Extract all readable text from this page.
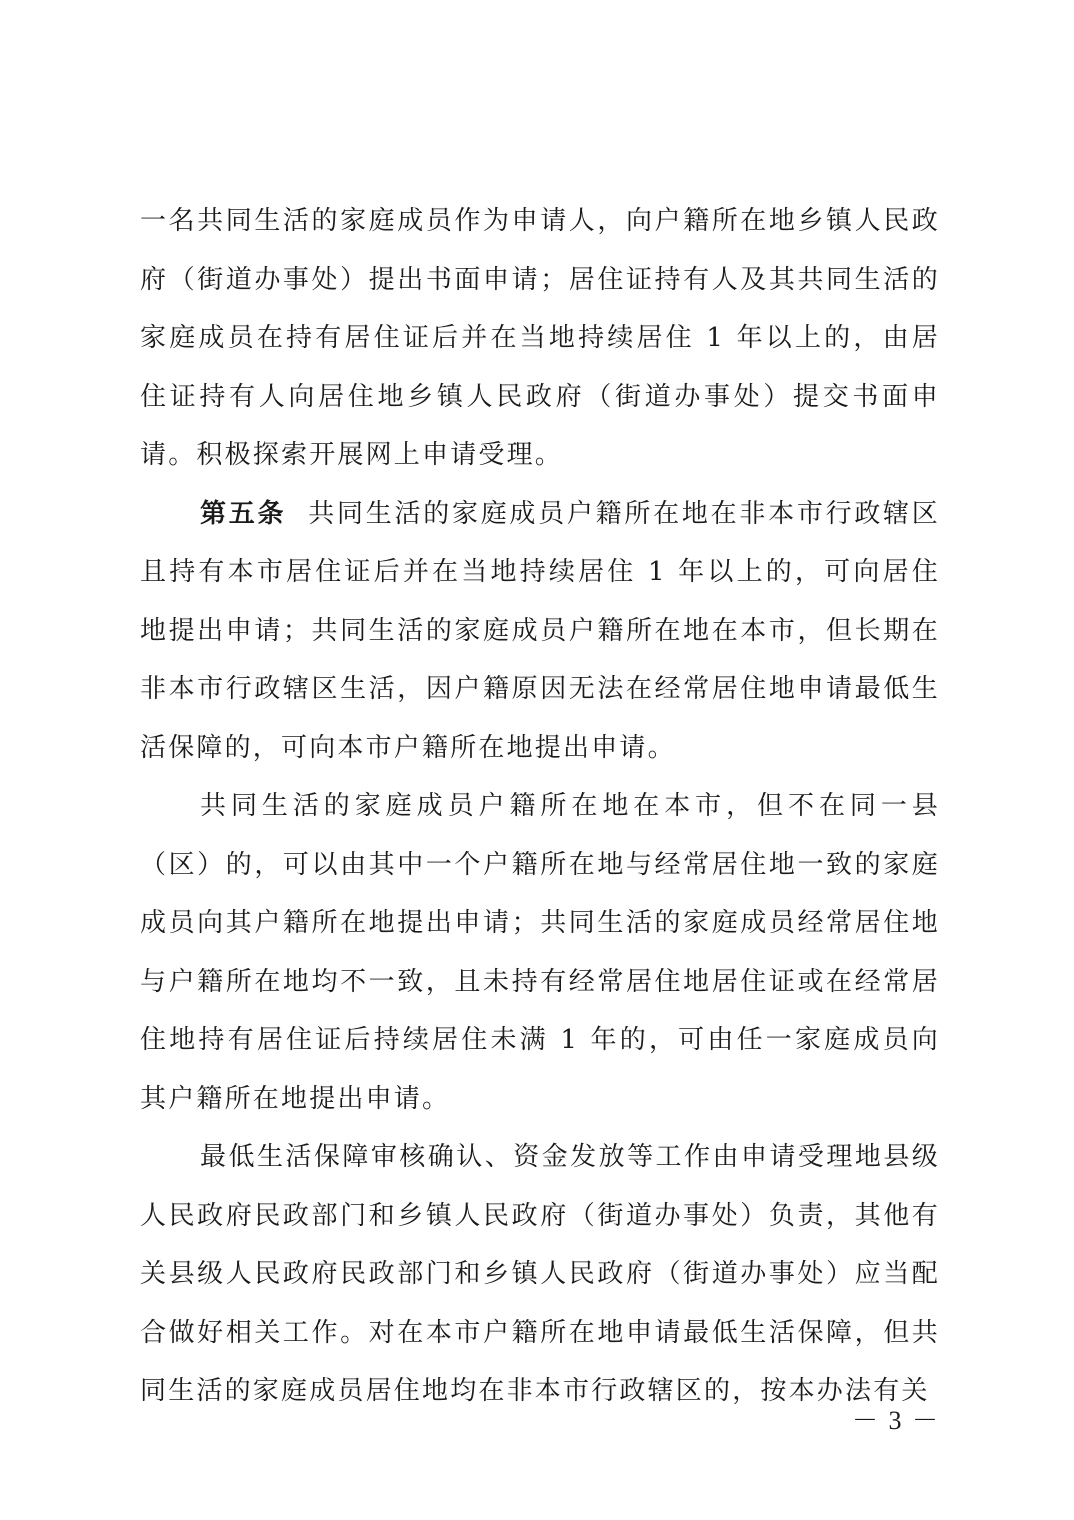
一名共同生活的家庭成员作为申请人，向户籍所在地乡镇人民政府（街道办事处）提出书面申请；居住证持有人及其共同生活的家庭成员在持有居住证后并在当地持续居住 1 年以上的，由居住证持有人向居住地乡镇人民政府（街道办事处）提交书面申请。积极探索开展网上申请受理。

第五条 共同生活的家庭成员户籍所在地在非本市行政辖区且持有本市居住证后并在当地持续居住 1 年以上的，可向居住地提出申请；共同生活的家庭成员户籍所在地在本市，但长期在非本市行政辖区生活，因户籍原因无法在经常居住地申请最低生活保障的，可向本市户籍所在地提出申请。

共同生活的家庭成员户籍所在地在本市，但不在同一县（区）的，可以由其中一个户籍所在地与经常居住地一致的家庭成员向其户籍所在地提出申请；共同生活的家庭成员经常居住地与户籍所在地均不一致，且未持有经常居住地居住证或在经常居住地持有居住证后持续居住未满 1 年的，可由任一家庭成员向其户籍所在地提出申请。

最低生活保障审核确认、资金发放等工作由申请受理地县级人民政府民政部门和乡镇人民政府（街道办事处）负责，其他有关县级人民政府民政部门和乡镇人民政府（街道办事处）应当配合做好相关工作。对在本市户籍所在地申请最低生活保障，但共同生活的家庭成员居住地均在非本市行政辖区的，按本办法有关

－ 3 －
